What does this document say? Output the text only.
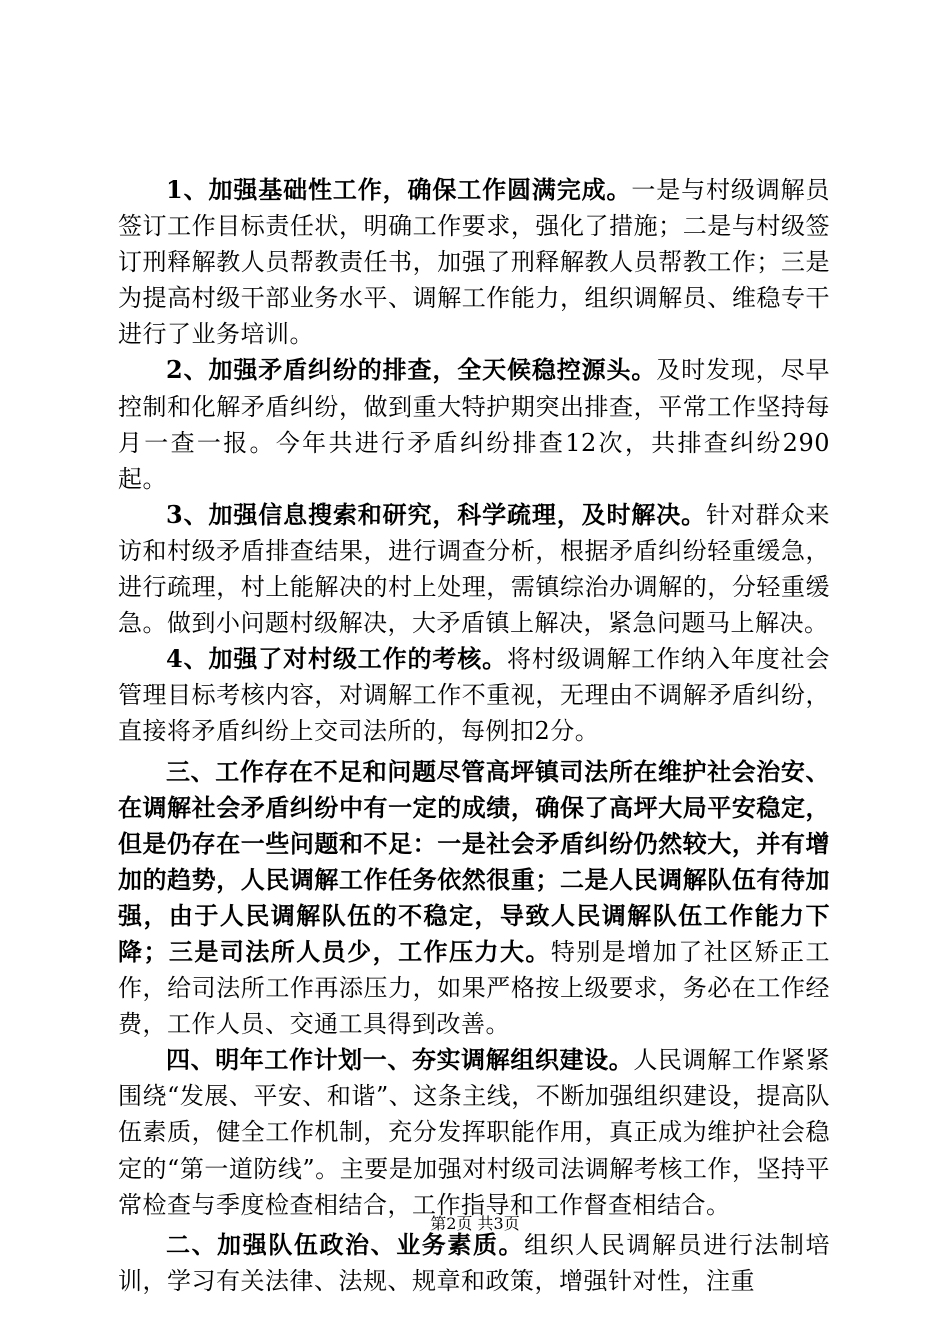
1、加强基础性工作，确保工作圆满完成。一是与村级调解员签订工作目标责任状，明确工作要求，强化了措施；二是与村级签订刑释解教人员帮教责任书，加强了刑释解教人员帮教工作；三是为提高村级干部业务水平、调解工作能力，组织调解员、维稳专干进行了业务培训。

2、加强矛盾纠纷的排查，全天候稳控源头。及时发现，尽早控制和化解矛盾纠纷，做到重大特护期突出排查，平常工作坚持每月一查一报。今年共进行矛盾纠纷排查12次，共排查纠纷290起。

3、加强信息搜索和研究，科学疏理，及时解决。针对群众来访和村级矛盾排查结果，进行调查分析，根据矛盾纠纷轻重缓急，进行疏理，村上能解决的村上处理，需镇综治办调解的，分轻重缓急。做到小问题村级解决，大矛盾镇上解决，紧急问题马上解决。

4、加强了对村级工作的考核。将村级调解工作纳入年度社会管理目标考核内容，对调解工作不重视，无理由不调解矛盾纠纷，直接将矛盾纠纷上交司法所的，每例扣2分。

三、工作存在不足和问题尽管高坪镇司法所在维护社会治安、在调解社会矛盾纠纷中有一定的成绩，确保了高坪大局平安稳定，但是仍存在一些问题和不足：一是社会矛盾纠纷仍然较大，并有增加的趋势，人民调解工作任务依然很重；二是人民调解队伍有待加强，由于人民调解队伍的不稳定，导致人民调解队伍工作能力下降；三是司法所人员少，工作压力大。特别是增加了社区矫正工作，给司法所工作再添压力，如果严格按上级要求，务必在工作经费，工作人员、交通工具得到改善。

四、明年工作计划一、夯实调解组织建设。人民调解工作紧紧围绕“发展、平安、和谐”、这条主线，不断加强组织建设，提高队伍素质，健全工作机制，充分发挥职能作用，真正成为维护社会稳定的“第一道防线”。主要是加强对村级司法调解考核工作，坚持平常检查与季度检查相结合，工作指导和工作督查相结合。

二、加强队伍政治、业务素质。组织人民调解员进行法制培训，学习有关法律、法规、规章和政策，增强针对性，注重

第2页 共3页
